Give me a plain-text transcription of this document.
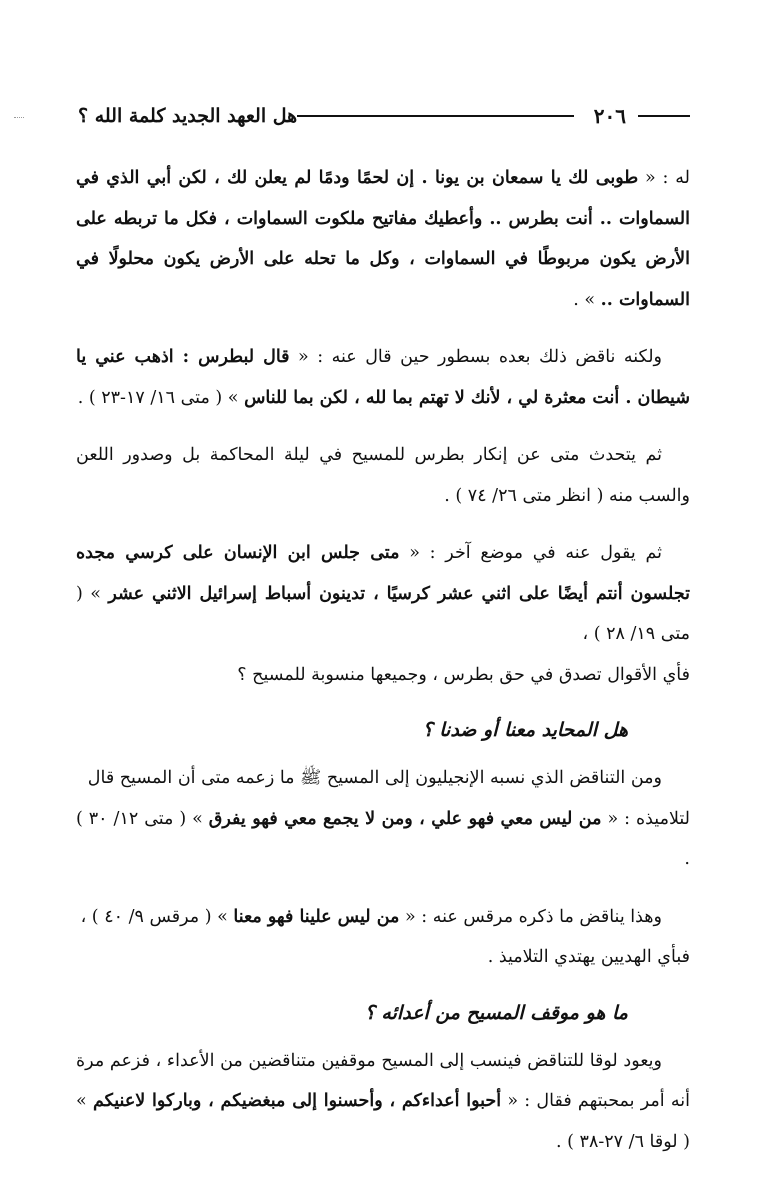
٢٠٦
هل العهد الجديد كلمة الله ؟

له : « طوبى لك يا سمعان بن يونا . إن لحمًا ودمًا لم يعلن لك ، لكن أبي الذي في السماوات .. أنت بطرس .. وأعطيك مفاتيح ملكوت السماوات ، فكل ما تربطه على الأرض يكون مربوطًا في السماوات ، وكل ما تحله على الأرض يكون محلولًا في السماوات .. » .

ولكنه ناقض ذلك بعده بسطور حين قال عنه : « قال لبطرس : اذهب عني يا شيطان . أنت معثرة لي ، لأنك لا تهتم بما لله ، لكن بما للناس » ( متى ١٦/ ١٧-٢٣ ) .

ثم يتحدث متى عن إنكار بطرس للمسيح في ليلة المحاكمة بل وصدور اللعن والسب منه ( انظر متى ٢٦/ ٧٤ ) .

ثم يقول عنه في موضع آخر : « متى جلس ابن الإنسان على كرسي مجده تجلسون أنتم أيضًا على اثني عشر كرسيًا ، تدينون أسباط إسرائيل الاثني عشر » ( متى ١٩/ ٢٨ ) ،

فأي الأقوال تصدق في حق بطرس ، وجميعها منسوبة للمسيح ؟

هل المحايد معنا أو ضدنا ؟

ومن التناقض الذي نسبه الإنجيليون إلى المسيح ﷺ ما زعمه متى أن المسيح قال

لتلاميذه : « من ليس معي فهو علي ، ومن لا يجمع معي فهو يفرق » ( متى ١٢/ ٣٠ ) .

وهذا يناقض ما ذكره مرقس عنه : « من ليس علينا فهو معنا » ( مرقس ٩/ ٤٠ ) ،

فبأي الهديين يهتدي التلاميذ .

ما هو موقف المسيح من أعدائه ؟

ويعود لوقا للتناقض فينسب إلى المسيح موقفين متناقضين من الأعداء ، فزعم مرة أنه أمر بمحبتهم فقال : « أحبوا أعداءكم ، وأحسنوا إلى مبغضيكم ، وباركوا لاعنيكم » ( لوقا ٦/ ٢٧-٣٨ ) .
